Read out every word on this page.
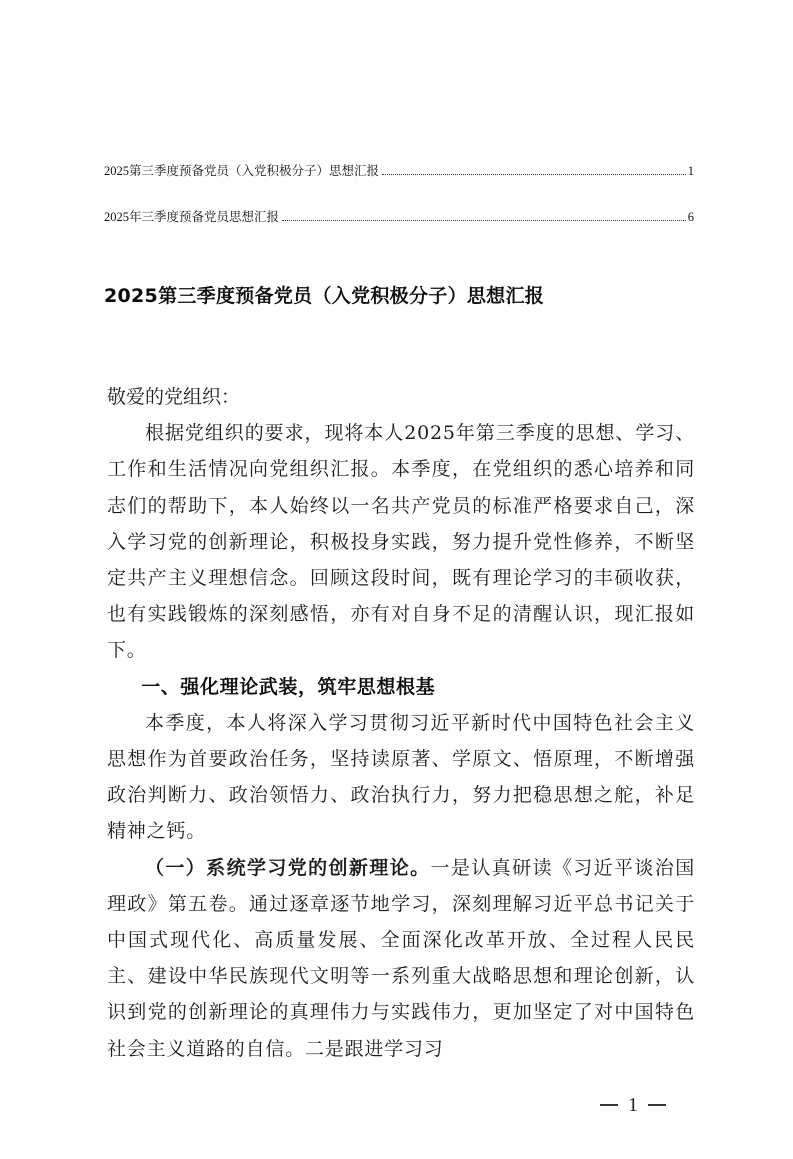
2025第三季度预备党员（入党积极分子）思想汇报	1
2025年三季度预备党员思想汇报	6
2025第三季度预备党员（入党积极分子）思想汇报

敬爱的党组织：

根据党组织的要求，现将本人2025年第三季度的思想、学习、工作和生活情况向党组织汇报。本季度，在党组织的悉心培养和同志们的帮助下，本人始终以一名共产党员的标准严格要求自己，深入学习党的创新理论，积极投身实践，努力提升党性修养，不断坚定共产主义理想信念。回顾这段时间，既有理论学习的丰硕收获，也有实践锻炼的深刻感悟，亦有对自身不足的清醒认识，现汇报如下。

一、强化理论武装，筑牢思想根基

本季度，本人将深入学习贯彻习近平新时代中国特色社会主义思想作为首要政治任务，坚持读原著、学原文、悟原理，不断增强政治判断力、政治领悟力、政治执行力，努力把稳思想之舵，补足精神之钙。

（一）系统学习党的创新理论。一是认真研读《习近平谈治国理政》第五卷。通过逐章逐节地学习，深刻理解习近平总书记关于中国式现代化、高质量发展、全面深化改革开放、全过程人民民主、建设中华民族现代文明等一系列重大战略思想和理论创新，认识到党的创新理论的真理伟力与实践伟力，更加坚定了对中国特色社会主义道路的自信。二是跟进学习习

1
